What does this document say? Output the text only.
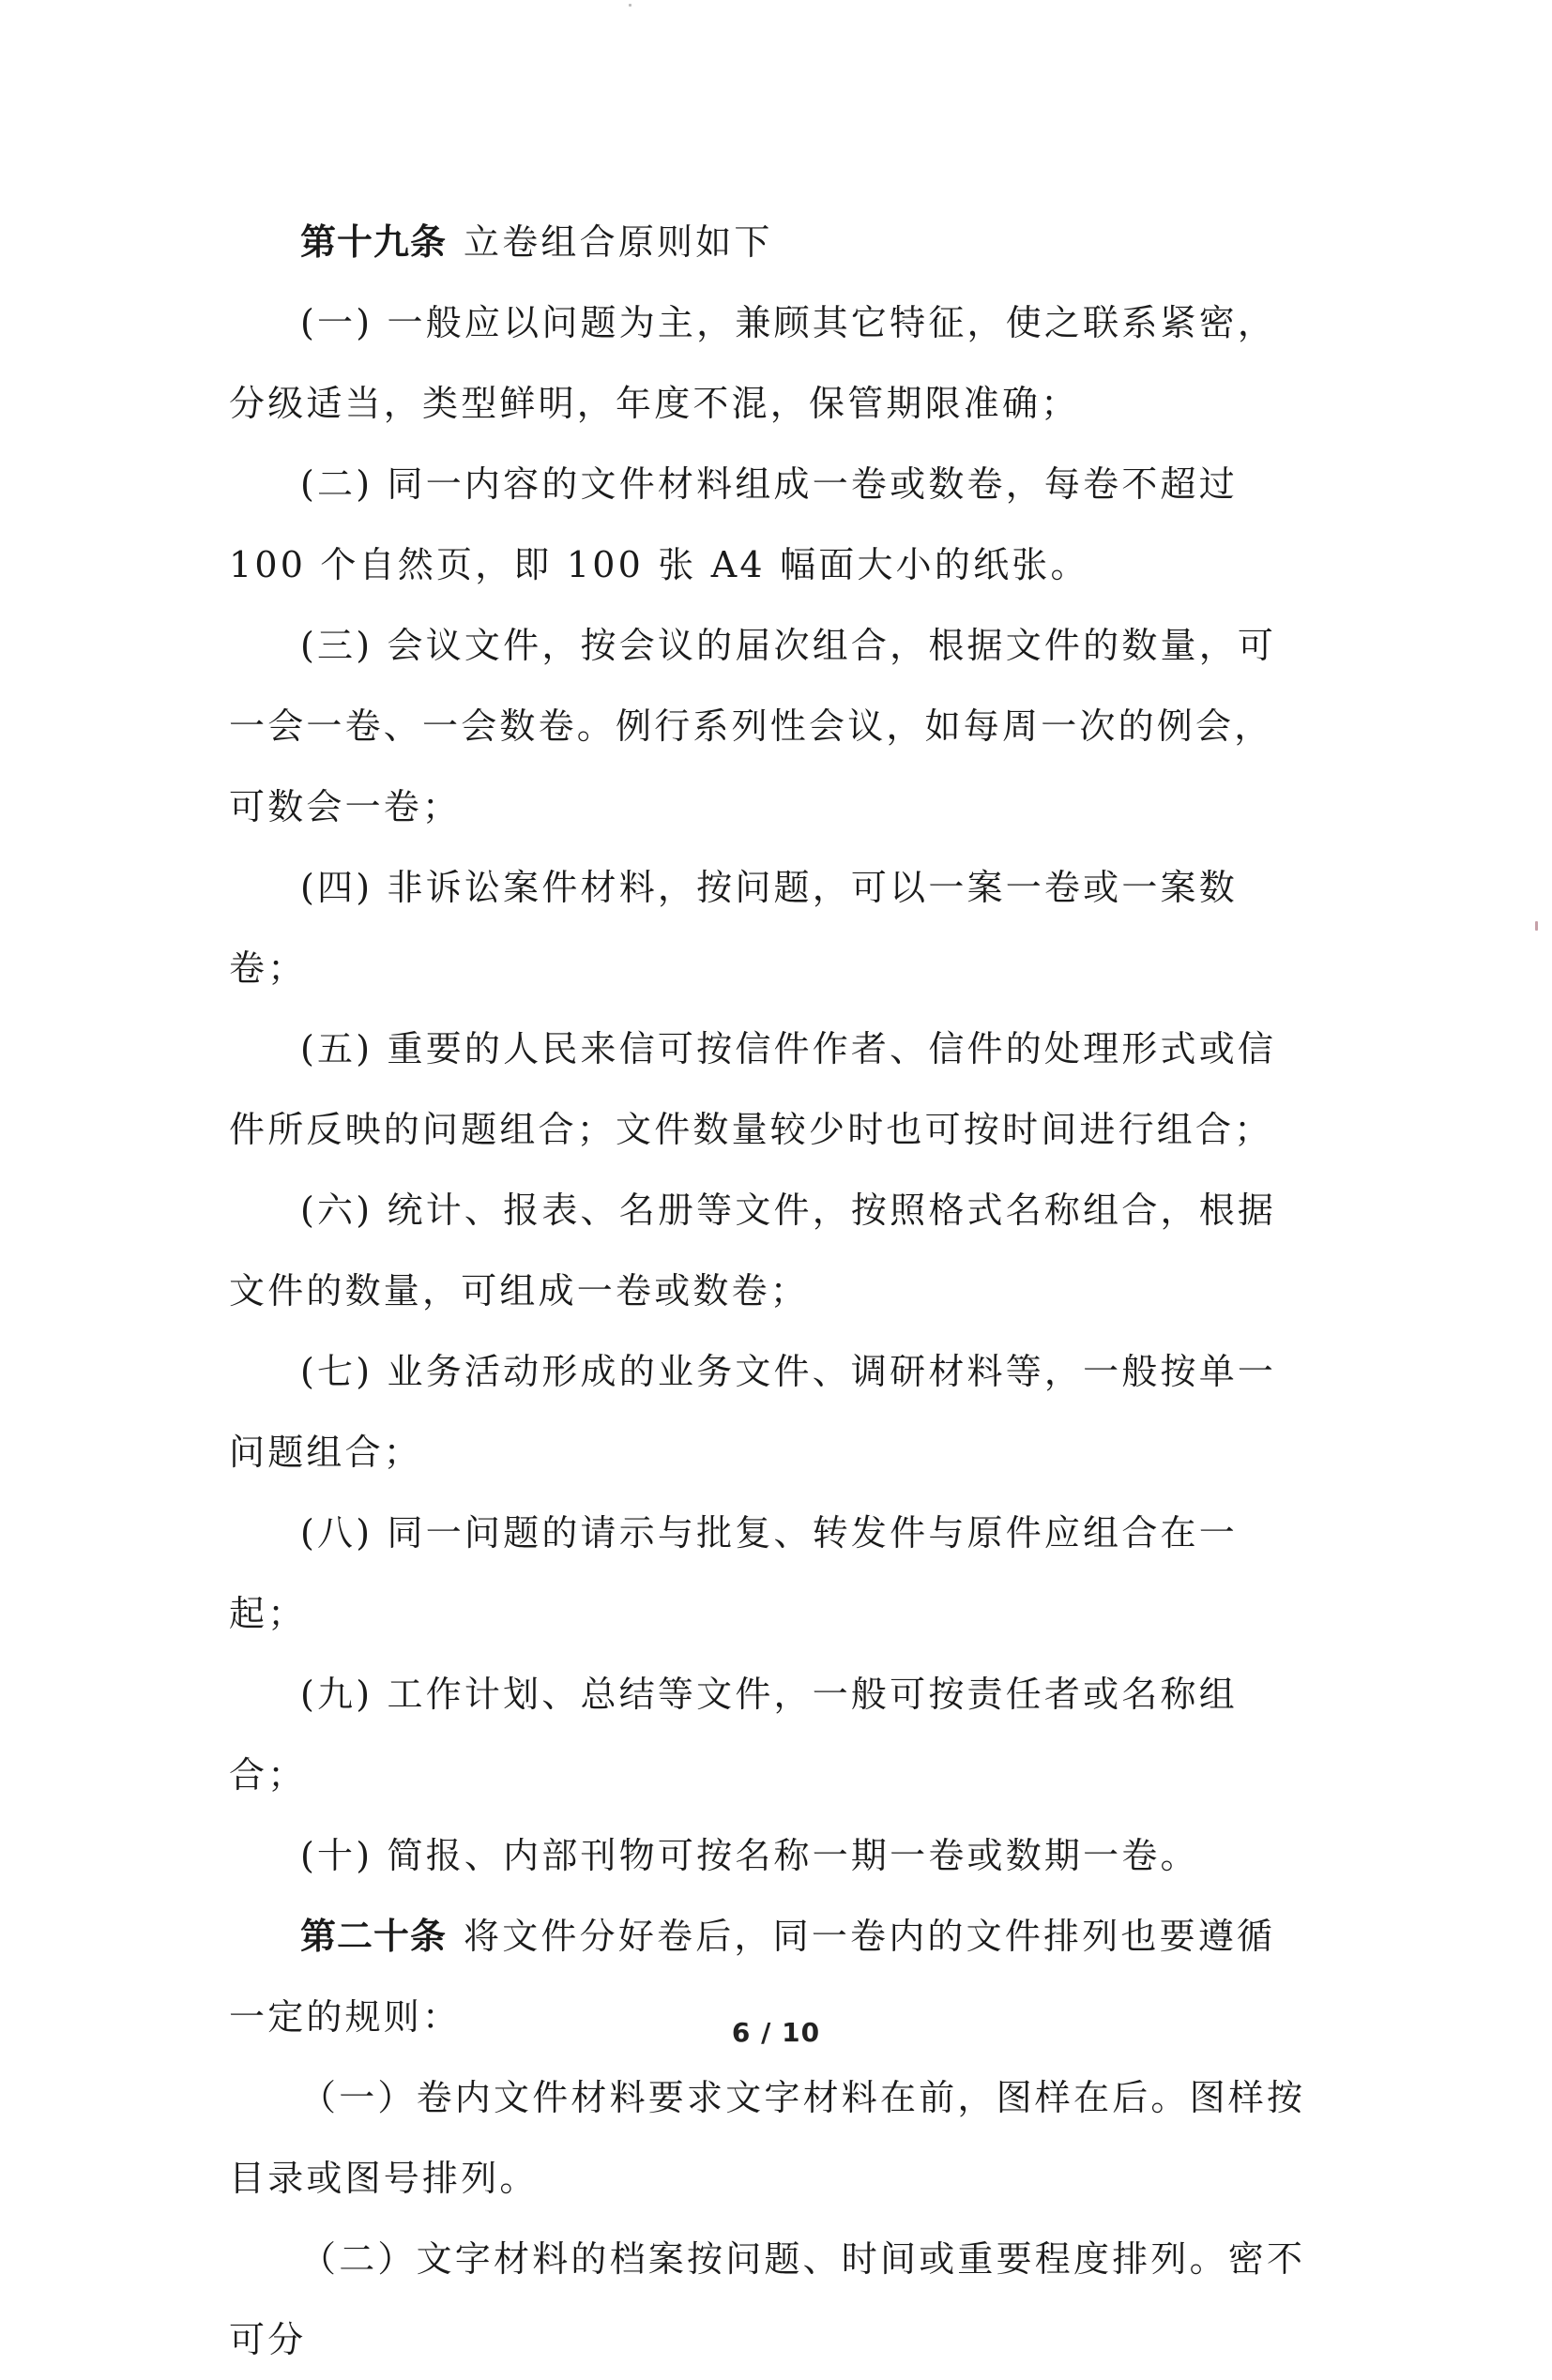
第十九条 立卷组合原则如下

(一) 一般应以问题为主，兼顾其它特征，使之联系紧密，分级适当，类型鲜明，年度不混，保管期限准确；

(二) 同一内容的文件材料组成一卷或数卷，每卷不超过 100 个自然页，即 100 张 A4 幅面大小的纸张。

(三) 会议文件，按会议的届次组合，根据文件的数量，可一会一卷、一会数卷。例行系列性会议，如每周一次的例会，可数会一卷；

(四) 非诉讼案件材料，按问题，可以一案一卷或一案数卷；

(五) 重要的人民来信可按信件作者、信件的处理形式或信件所反映的问题组合；文件数量较少时也可按时间进行组合；

(六) 统计、报表、名册等文件，按照格式名称组合，根据文件的数量，可组成一卷或数卷；

(七) 业务活动形成的业务文件、调研材料等，一般按单一问题组合；

(八) 同一问题的请示与批复、转发件与原件应组合在一起；

(九) 工作计划、总结等文件，一般可按责任者或名称组合；

(十) 简报、内部刊物可按名称一期一卷或数期一卷。

第二十条 将文件分好卷后，同一卷内的文件排列也要遵循一定的规则：

（一）卷内文件材料要求文字材料在前，图样在后。图样按目录或图号排列。

（二）文字材料的档案按问题、时间或重要程度排列。密不可分

6 / 10
